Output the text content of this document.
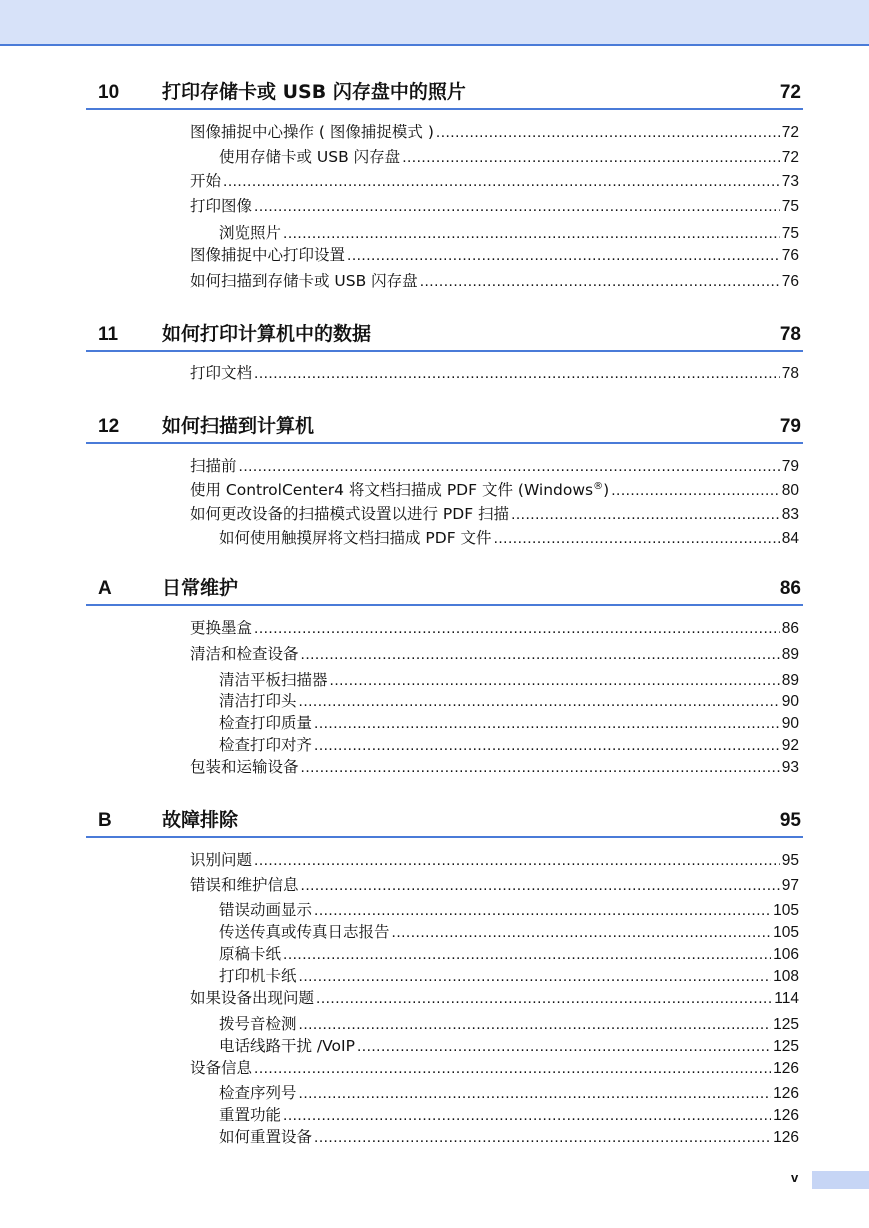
10 打印存储卡或 USB 闪存盘中的照片	72
图像捕捉中心操作 ( 图像捕捉模式 ) .....	72
使用存储卡或 USB 闪存盘 .....	72
开始 .....	73
打印图像 .....	75
浏览照片 .....	75
图像捕捉中心打印设置 .....	76
如何扫描到存储卡或 USB 闪存盘 .....	76
11 如何打印计算机中的数据	78
打印文档 .....	78
12 如何扫描到计算机	79
扫描前 .....	79
使用 ControlCenter4 将文档扫描成 PDF 文件 (Windows®) .....	80
如何更改设备的扫描模式设置以进行 PDF 扫描 .....	83
如何使用触摸屏将文档扫描成 PDF 文件 .....	84
A	日常维护	86
更换墨盒 .....	86
清洁和检查设备 .....	89
清洁平板扫描器 .....	89
清洁打印头 .....	90
检查打印质量 .....	90
检查打印对齐 .....	92
包装和运输设备 .....	93
B	故障排除	95
识别问题 .....	95
错误和维护信息 .....	97
错误动画显示 .....	105
传送传真或传真日志报告 .....	105
原稿卡纸 .....	106
打印机卡纸 .....	108
如果设备出现问题 .....	114
拨号音检测 .....	125
电话线路干扰 /VoIP .....	125
设备信息 .....	126
检查序列号 .....	126
重置功能 .....	126
如何重置设备 .....	126
v
